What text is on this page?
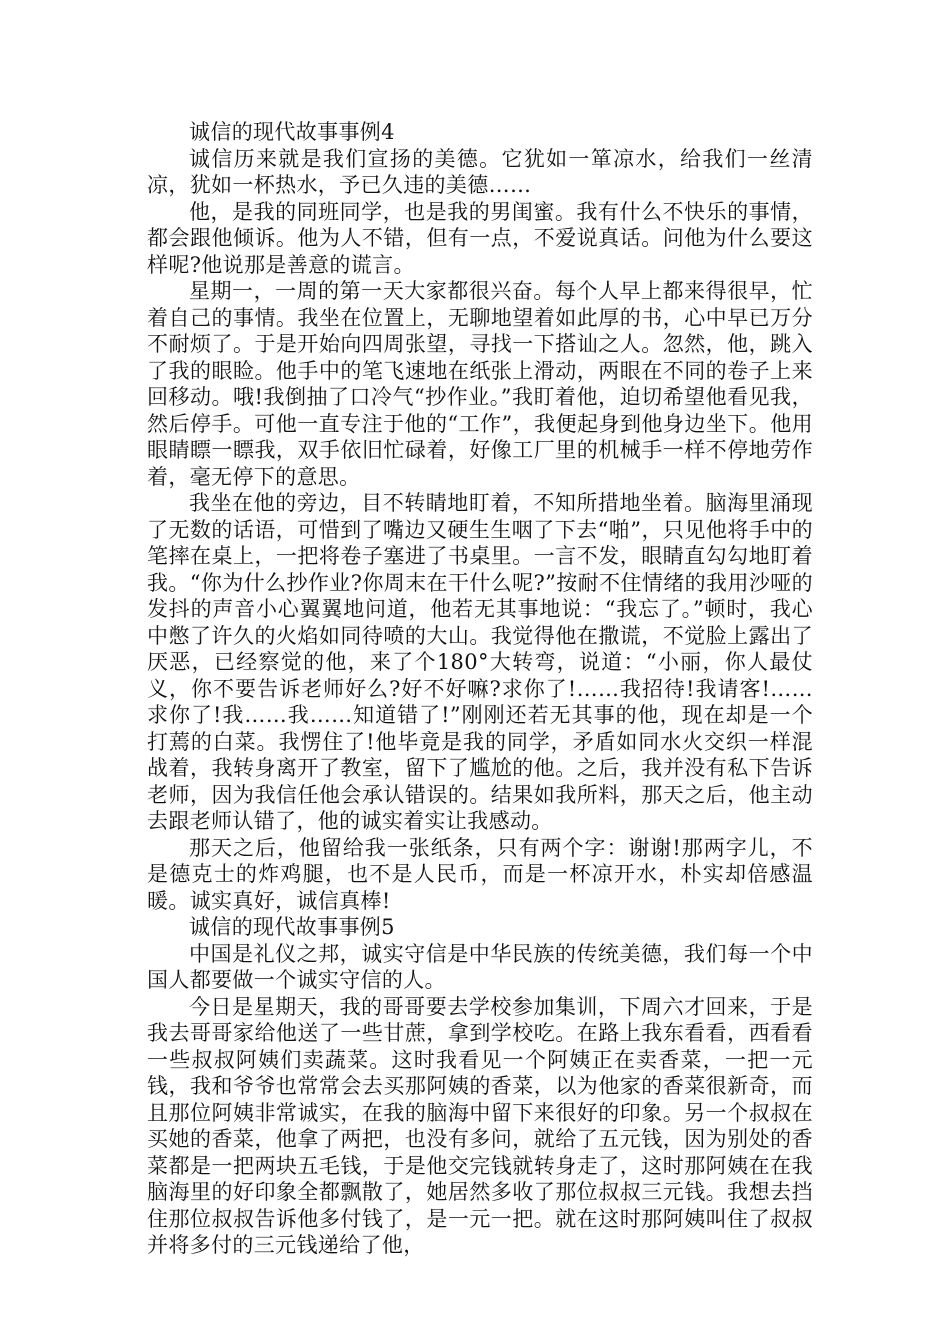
诚信的现代故事事例4

诚信历来就是我们宣扬的美德。它犹如一箪凉水，给我们一丝清凉，犹如一杯热水，予已久违的美德……

他，是我的同班同学，也是我的男闺蜜。我有什么不快乐的事情，都会跟他倾诉。他为人不错，但有一点，不爱说真话。问他为什么要这样呢?他说那是善意的谎言。

星期一，一周的第一天大家都很兴奋。每个人早上都来得很早，忙着自己的事情。我坐在位置上，无聊地望着如此厚的书，心中早已万分不耐烦了。于是开始向四周张望，寻找一下搭讪之人。忽然，他，跳入了我的眼睑。他手中的笔飞速地在纸张上滑动，两眼在不同的卷子上来回移动。哦!我倒抽了口冷气“抄作业。”我盯着他，迫切希望他看见我，然后停手。可他一直专注于他的“工作”，我便起身到他身边坐下。他用眼睛瞟一瞟我，双手依旧忙碌着，好像工厂里的机械手一样不停地劳作着，毫无停下的意思。

我坐在他的旁边，目不转睛地盯着，不知所措地坐着。脑海里涌现了无数的话语，可惜到了嘴边又硬生生咽了下去“啪”，只见他将手中的笔摔在桌上，一把将卷子塞进了书桌里。一言不发，眼睛直勾勾地盯着我。“你为什么抄作业?你周末在干什么呢?”按耐不住情绪的我用沙哑的发抖的声音小心翼翼地问道，他若无其事地说：“我忘了。”顿时，我心中憋了许久的火焰如同待喷的大山。我觉得他在撒谎，不觉脸上露出了厌恶，已经察觉的他，来了个180°大转弯，说道：“小丽，你人最仗义，你不要告诉老师好么?好不好嘛?求你了!……我招待!我请客!……求你了!我……我……知道错了!”刚刚还若无其事的他，现在却是一个打蔫的白菜。我愣住了!他毕竟是我的同学，矛盾如同水火交织一样混战着，我转身离开了教室，留下了尴尬的他。之后，我并没有私下告诉老师，因为我信任他会承认错误的。结果如我所料，那天之后，他主动去跟老师认错了，他的诚实着实让我感动。

那天之后，他留给我一张纸条，只有两个字：谢谢!那两字儿，不是德克士的炸鸡腿，也不是人民币，而是一杯凉开水，朴实却倍感温暖。诚实真好，诚信真棒!

诚信的现代故事事例5

中国是礼仪之邦，诚实守信是中华民族的传统美德，我们每一个中国人都要做一个诚实守信的人。

今日是星期天，我的哥哥要去学校参加集训，下周六才回来，于是我去哥哥家给他送了一些甘蔗，拿到学校吃。在路上我东看看，西看看一些叔叔阿姨们卖蔬菜。这时我看见一个阿姨正在卖香菜，一把一元钱，我和爷爷也常常会去买那阿姨的香菜，以为他家的香菜很新奇，而且那位阿姨非常诚实，在我的脑海中留下来很好的印象。另一个叔叔在买她的香菜，他拿了两把，也没有多问，就给了五元钱，因为别处的香菜都是一把两块五毛钱，于是他交完钱就转身走了，这时那阿姨在在我脑海里的好印象全都飘散了，她居然多收了那位叔叔三元钱。我想去挡住那位叔叔告诉他多付钱了，是一元一把。就在这时那阿姨叫住了叔叔并将多付的三元钱递给了他，
